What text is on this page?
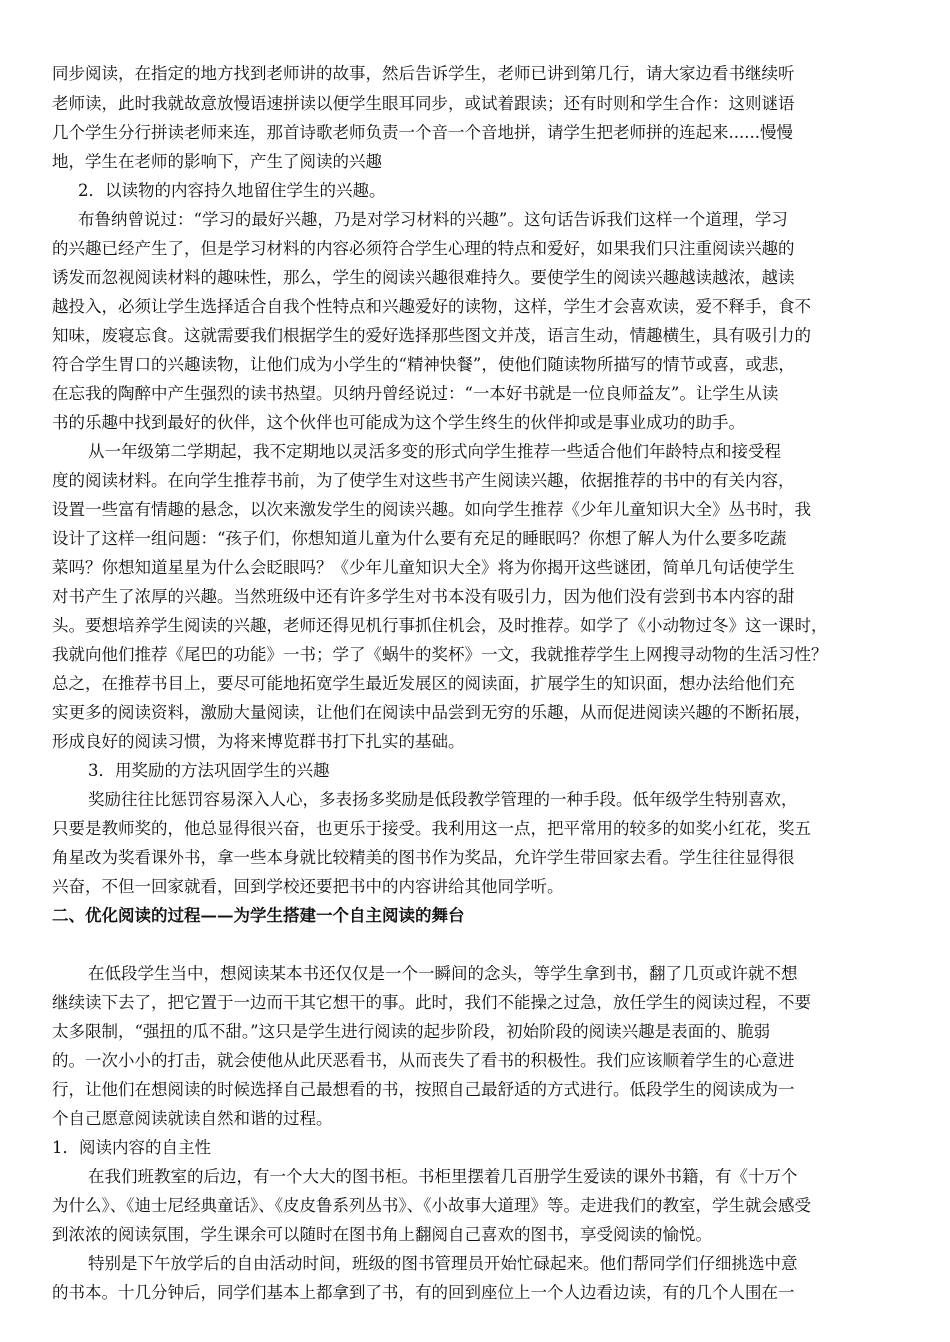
同步阅读，在指定的地方找到老师讲的故事，然后告诉学生，老师已讲到第几行，请大家边看书继续听
老师读，此时我就故意放慢语速拼读以便学生眼耳同步，或试着跟读；还有时则和学生合作：这则谜语
几个学生分行拼读老师来连，那首诗歌老师负责一个音一个音地拼，请学生把老师拼的连起来......慢慢
地，学生在老师的影响下，产生了阅读的兴趣
2．以读物的内容持久地留住学生的兴趣。
布鲁纳曾说过：“学习的最好兴趣，乃是对学习材料的兴趣”。这句话告诉我们这样一个道理，学习
的兴趣已经产生了，但是学习材料的内容必须符合学生心理的特点和爱好，如果我们只注重阅读兴趣的
诱发而忽视阅读材料的趣味性，那么，学生的阅读兴趣很难持久。要使学生的阅读兴趣越读越浓，越读
越投入，必须让学生选择适合自我个性特点和兴趣爱好的读物，这样，学生才会喜欢读，爱不释手，食不
知味，废寝忘食。这就需要我们根据学生的爱好选择那些图文并茂，语言生动，情趣横生，具有吸引力的
符合学生胃口的兴趣读物，让他们成为小学生的“精神快餐”，使他们随读物所描写的情节或喜，或悲，
在忘我的陶醉中产生强烈的读书热望。贝纳丹曾经说过：“一本好书就是一位良师益友”。让学生从读
书的乐趣中找到最好的伙伴，这个伙伴也可能成为这个学生终生的伙伴抑或是事业成功的助手。
从一年级第二学期起，我不定期地以灵活多变的形式向学生推荐一些适合他们年龄特点和接受程
度的阅读材料。在向学生推荐书前，为了使学生对这些书产生阅读兴趣，依据推荐的书中的有关内容，
设置一些富有情趣的悬念，以次来激发学生的阅读兴趣。如向学生推荐《少年儿童知识大全》丛书时，我
设计了这样一组问题：“孩子们，你想知道儿童为什么要有充足的睡眠吗？你想了解人为什么要多吃蔬
菜吗？你想知道星星为什么会眨眼吗？《少年儿童知识大全》将为你揭开这些谜团，简单几句话使学生
对书产生了浓厚的兴趣。当然班级中还有许多学生对书本没有吸引力，因为他们没有尝到书本内容的甜
头。要想培养学生阅读的兴趣，老师还得见机行事抓住机会，及时推荐。如学了《小动物过冬》这一课时，
我就向他们推荐《尾巴的功能》一书；学了《蜗牛的奖杯》一文，我就推荐学生上网搜寻动物的生活习性？
总之，在推荐书目上，要尽可能地拓宽学生最近发展区的阅读面，扩展学生的知识面，想办法给他们充
实更多的阅读资料，激励大量阅读，让他们在阅读中品尝到无穷的乐趣，从而促进阅读兴趣的不断拓展，
形成良好的阅读习惯，为将来博览群书打下扎实的基础。
3．用奖励的方法巩固学生的兴趣
奖励往往比惩罚容易深入人心，多表扬多奖励是低段教学管理的一种手段。低年级学生特别喜欢，
只要是教师奖的，他总显得很兴奋，也更乐于接受。我利用这一点，把平常用的较多的如奖小红花，奖五
角星改为奖看课外书，拿一些本身就比较精美的图书作为奖品，允许学生带回家去看。学生往往显得很
兴奋，不但一回家就看，回到学校还要把书中的内容讲给其他同学听。
二、优化阅读的过程——为学生搭建一个自主阅读的舞台
在低段学生当中，想阅读某本书还仅仅是一个一瞬间的念头，等学生拿到书，翻了几页或许就不想
继续读下去了，把它置于一边而干其它想干的事。此时，我们不能操之过急，放任学生的阅读过程，不要
太多限制，“强扭的瓜不甜。”这只是学生进行阅读的起步阶段，初始阶段的阅读兴趣是表面的、脆弱
的。一次小小的打击，就会使他从此厌恶看书，从而丧失了看书的积极性。我们应该顺着学生的心意进
行，让他们在想阅读的时候选择自己最想看的书，按照自己最舒适的方式进行。低段学生的阅读成为一
个自己愿意阅读就读自然和谐的过程。
1．阅读内容的自主性
在我们班教室的后边，有一个大大的图书柜。书柜里摆着几百册学生爱读的课外书籍，有《十万个
为什么》、《迪士尼经典童话》、《皮皮鲁系列丛书》、《小故事大道理》等。走进我们的教室，学生就会感受
到浓浓的阅读氛围，学生课余可以随时在图书角上翻阅自己喜欢的图书，享受阅读的愉悦。
特别是下午放学后的自由活动时间，班级的图书管理员开始忙碌起来。他们帮同学们仔细挑选中意
的书本。十几分钟后，同学们基本上都拿到了书，有的回到座位上一个人边看边读，有的几个人围在一
